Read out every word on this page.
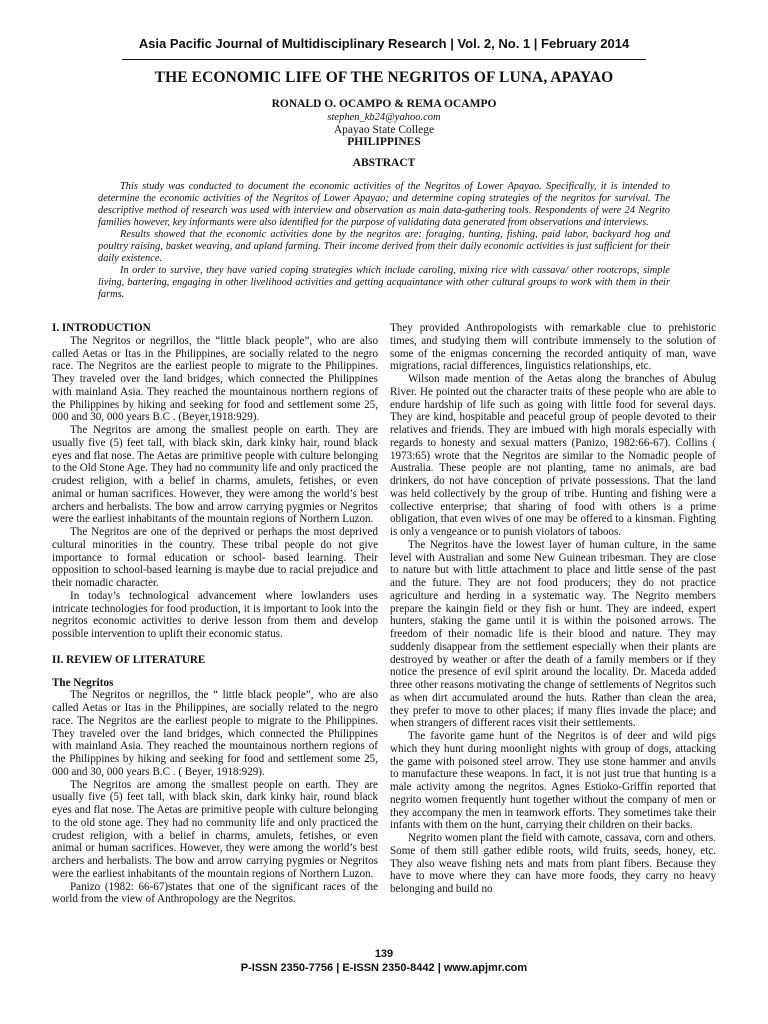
Asia Pacific Journal of Multidisciplinary Research | Vol. 2, No. 1 | February 2014
THE ECONOMIC LIFE OF THE NEGRITOS OF LUNA, APAYAO
RONALD O. OCAMPO & REMA OCAMPO
stephen_kb24@yahoo.com
Apayao State College
PHILIPPINES
ABSTRACT

This study was conducted to document the economic activities of the Negritos of Lower Apayao. Specifically, it is intended to determine the economic activities of the Negritos of Lower Apayao; and determine coping strategies of the negritos for survival. The descriptive method of research was used with interview and observation as main data-gathering tools. Respondents of were 24 Negrito families however, key informants were also identified for the purpose of validating data generated from observations and interviews.

Results showed that the economic activities done by the negritos are: foraging, hunting, fishing, paid labor, backyard hog and poultry raising, basket weaving, and upland farming. Their income derived from their daily economic activities is just sufficient for their daily existence.

In order to survive, they have varied coping strategies which include caroling, mixing rice with cassava/ other rootcrops, simple living, bartering, engaging in other livelihood activities and getting acquaintance with other cultural groups to work with them in their farms.

I. INTRODUCTION

The Negritos or negrillos, the “little black people”, who are also called Aetas or Itas in the Philippines, are socially related to the negro race. The Negritos are the earliest people to migrate to the Philippines. They traveled over the land bridges, which connected the Philippines with mainland Asia. They reached the mountainous northern regions of the Philippines by hiking and seeking for food and settlement some 25, 000 and 30, 000 years B.C . (Beyer,1918:929).

The Negritos are among the smallest people on earth. They are usually five (5) feet tall, with black skin, dark kinky hair, round black eyes and flat nose. The Aetas are primitive people with culture belonging to the Old Stone Age. They had no community life and only practiced the crudest religion, with a belief in charms, amulets, fetishes, or even animal or human sacrifices. However, they were among the world’s best archers and herbalists. The bow and arrow carrying pygmies or Negritos were the earliest inhabitants of the mountain regions of Northern Luzon.

The Negritos are one of the deprived or perhaps the most deprived cultural minorities in the country. These tribal people do not give importance to formal education or school- based learning. Their opposition to school-based learning is maybe due to racial prejudice and their nomadic character.

In today’s technological advancement where lowlanders uses intricate technologies for food production, it is important to look into the negritos economic activities to derive lesson from them and develop possible intervention to uplift their economic status.

II. REVIEW OF LITERATURE
The Negritos

The Negritos or negrillos, the “ little black people”, who are also called Aetas or Itas in the Philippines, are socially related to the negro race. The Negritos are the earliest people to migrate to the Philippines. They traveled over the land bridges, which connected the Philippines with mainland Asia. They reached the mountainous northern regions of the Philippines by hiking and seeking for food and settlement some 25, 000 and 30, 000 years B.C . ( Beyer, 1918:929).

The Negritos are among the smallest people on earth. They are usually five (5) feet tall, with black skin, dark kinky hair, round black eyes and flat nose. The Aetas are primitive people with culture belonging to the old stone age. They had no community life and only practiced the crudest religion, with a belief in charms, amulets, fetishes, or even animal or human sacrifices. However, they were among the world’s best archers and herbalists. The bow and arrow carrying pygmies or Negritos were the earliest inhabitants of the mountain regions of Northern Luzon.

Panizo (1982: 66-67)states that one of the significant races of the world from the view of Anthropology are the Negritos.

They provided Anthropologists with remarkable clue to prehistoric times, and studying them will contribute immensely to the solution of some of the enigmas concerning the recorded antiquity of man, wave migrations, racial differences, linguistics relationships, etc.

Wilson made mention of the Aetas along the branches of Abulug River. He pointed out the character traits of these people who are able to endure hardship of life such as going with little food for several days. They are kind, hospitable and peaceful group of people devoted to their relatives and friends. They are imbued with high morals especially with regards to honesty and sexual matters (Panizo, 1982:66-67). Collins ( 1973:65) wrote that the Negritos are similar to the Nomadic people of Australia. These people are not planting, tame no animals, are bad drinkers, do not have conception of private possessions. That the land was held collectively by the group of tribe. Hunting and fishing were a collective enterprise; that sharing of food with others is a prime obligation, that even wives of one may be offered to a kinsman. Fighting is only a vengeance or to punish violators of taboos.

The Negritos have the lowest layer of human culture, in the same level with Australian and some New Guinean tribesman. They are close to nature but with little attachment to place and little sense of the past and the future. They are not food producers; they do not practice agriculture and herding in a systematic way. The Negrito members prepare the kaingin field or they fish or hunt. They are indeed, expert hunters, staking the game until it is within the poisoned arrows. The freedom of their nomadic life is their blood and nature. They may suddenly disappear from the settlement especially when their plants are destroyed by weather or after the death of a family members or if they notice the presence of evil spirit around the locality. Dr. Maceda added three other reasons motivating the change of settlements of Negritos such as when dirt accumulated around the huts. Rather than clean the area, they prefer to move to other places; if many flies invade the place; and when strangers of different races visit their settlements.

The favorite game hunt of the Negritos is of deer and wild pigs which they hunt during moonlight nights with group of dogs, attacking the game with poisoned steel arrow. They use stone hammer and anvils to manufacture these weapons. In fact, it is not just true that hunting is a male activity among the negritos. Agnes Estioko-Griffin reported that negrito women frequently hunt together without the company of men or they accompany the men in teamwork efforts. They sometimes take their infants with them on the hunt, carrying their children on their backs.

Negrito women plant the field with camote, cassava, corn and others. Some of them still gather edible roots, wild fruits, seeds, honey, etc. They also weave fishing nets and mats from plant fibers. Because they have to move where they can have more foods, they carry no heavy belonging and build no

139
P-ISSN 2350-7756 | E-ISSN 2350-8442 | www.apjmr.com
